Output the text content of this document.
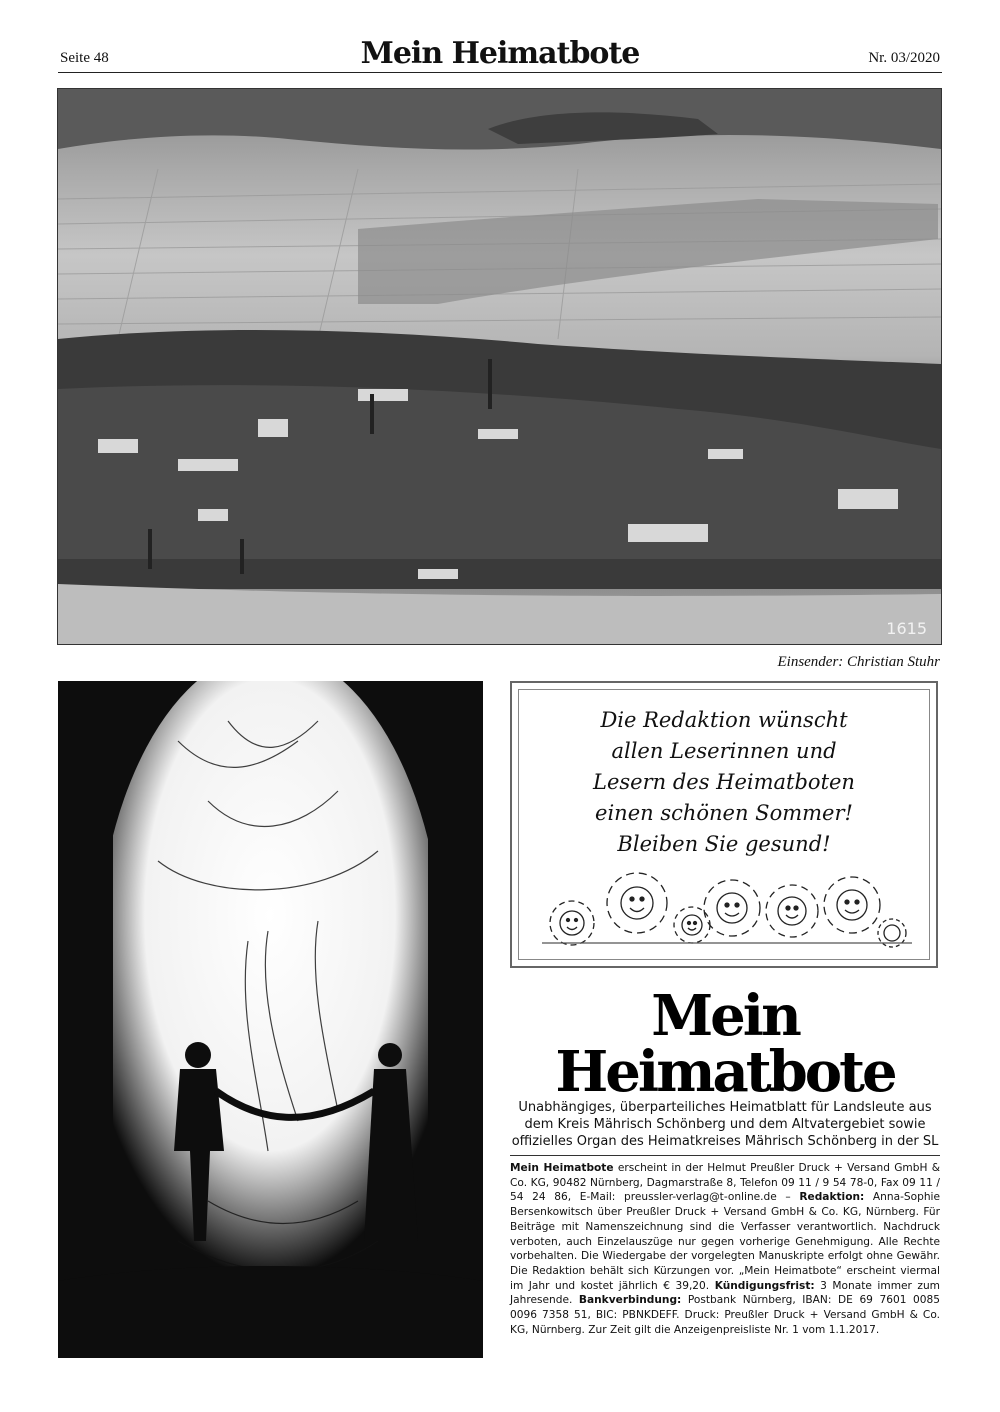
Seite 48	Mein Heimatbote	Nr. 03/2020
1615
Einsender: Christian Stuhr
Die Redaktion wünscht
allen Leserinnen und
Lesern des Heimatboten
einen schönen Sommer!
Bleiben Sie gesund!
Mein Heimatbote
Unabhängiges, überparteiliches Heimatblatt für Landsleute aus
dem Kreis Mährisch Schönberg und dem Altvatergebiet sowie
offizielles Organ des Heimatkreises Mährisch Schönberg in der SL
Mein Heimatbote erscheint in der Helmut Preußler Druck + Versand GmbH & Co. KG, 90482 Nürnberg, Dagmarstraße 8, Telefon 09 11 / 9 54 78-0, Fax 09 11 / 54 24 86, E-Mail: preussler-verlag@t-online.de – Redaktion: Anna-Sophie Bersenkowitsch über Preußler Druck + Versand GmbH & Co. KG, Nürnberg. Für Beiträge mit Namenszeichnung sind die Verfasser verantwortlich. Nachdruck verboten, auch Einzelauszüge nur gegen vorherige Genehmigung. Alle Rechte vorbehalten. Die Wiedergabe der vorgelegten Manuskripte erfolgt ohne Gewähr. Die Redaktion behält sich Kürzungen vor. „Mein Heimatbote“ erscheint viermal im Jahr und kostet jährlich € 39,20. Kündigungsfrist: 3 Monate immer zum Jahresende. Bankverbindung: Postbank Nürnberg, IBAN: DE 69 7601 0085 0096 7358 51, BIC: PBNKDEFF. Druck: Preußler Druck + Versand GmbH & Co. KG, Nürnberg. Zur Zeit gilt die Anzeigenpreisliste Nr. 1 vom 1.1.2017.
